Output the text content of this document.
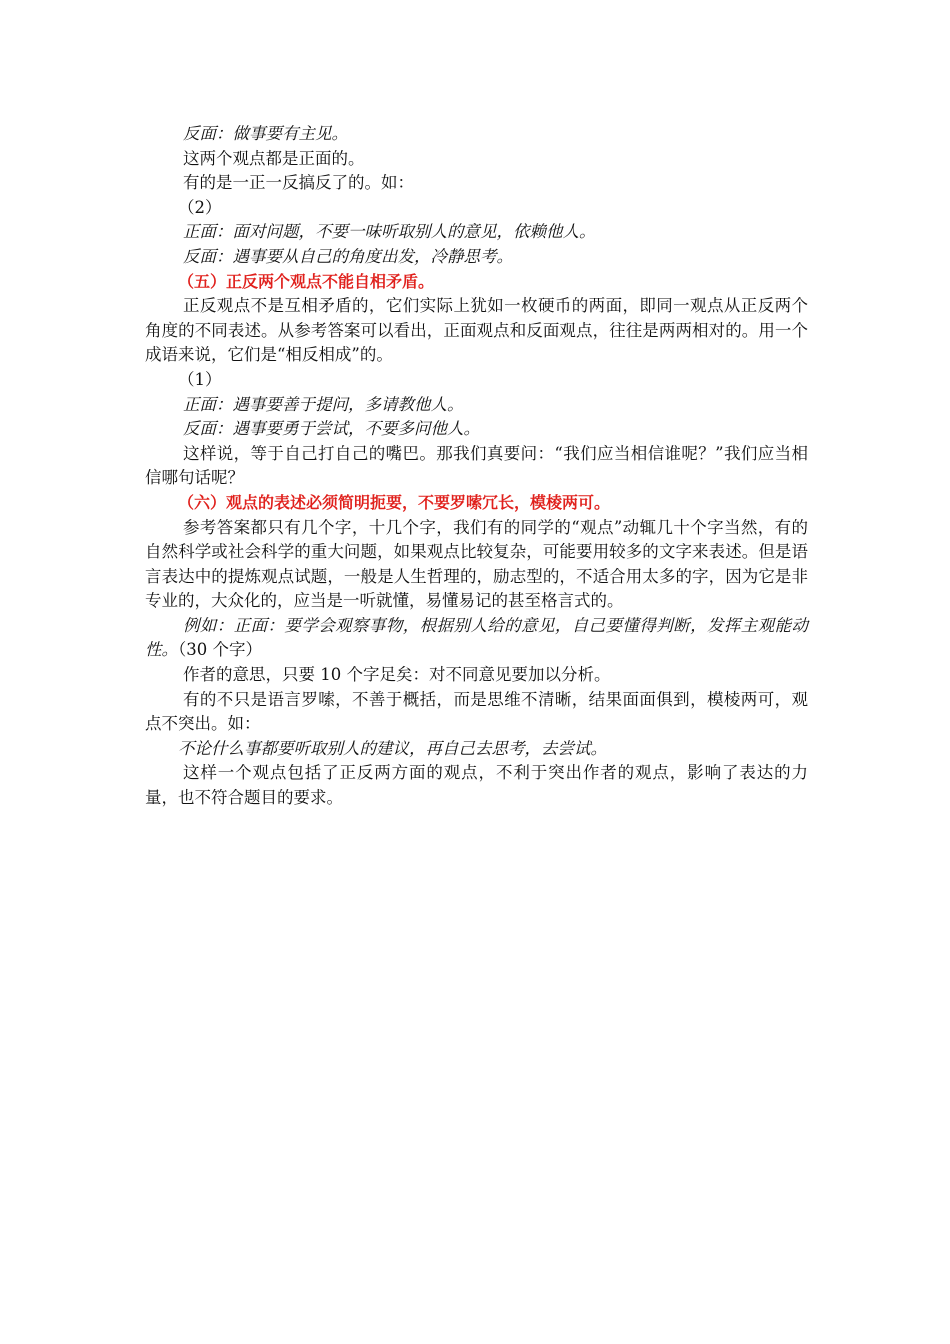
反面：做事要有主见。

这两个观点都是正面的。

有的是一正一反搞反了的。如：

（2）

正面：面对问题，不要一味听取别人的意见，依赖他人。

反面：遇事要从自己的角度出发，冷静思考。

（五）正反两个观点不能自相矛盾。

正反观点不是互相矛盾的，它们实际上犹如一枚硬币的两面，即同一观点从正反两个角度的不同表述。从参考答案可以看出，正面观点和反面观点，往往是两两相对的。用一个成语来说，它们是“相反相成”的。

（1）

正面：遇事要善于提问，多请教他人。

反面：遇事要勇于尝试，不要多问他人。

这样说，等于自己打自己的嘴巴。那我们真要问：“我们应当相信谁呢？”我们应当相信哪句话呢？

（六）观点的表述必须简明扼要，不要罗嗦冗长，模棱两可。

参考答案都只有几个字，十几个字，我们有的同学的“观点”动辄几十个字当然，有的自然科学或社会科学的重大问题，如果观点比较复杂，可能要用较多的文字来表述。但是语言表达中的提炼观点试题，一般是人生哲理的，励志型的，不适合用太多的字，因为它是非专业的，大众化的，应当是一听就懂，易懂易记的甚至格言式的。

例如：正面：要学会观察事物，根据别人给的意见，自己要懂得判断，发挥主观能动性。（30 个字）

作者的意思，只要 10 个字足矣：对不同意见要加以分析。

有的不只是语言罗嗦，不善于概括，而是思维不清晰，结果面面俱到，模棱两可，观点不突出。如：

不论什么事都要听取别人的建议，再自己去思考，去尝试。

这样一个观点包括了正反两方面的观点，不利于突出作者的观点，影响了表达的力量，也不符合题目的要求。
